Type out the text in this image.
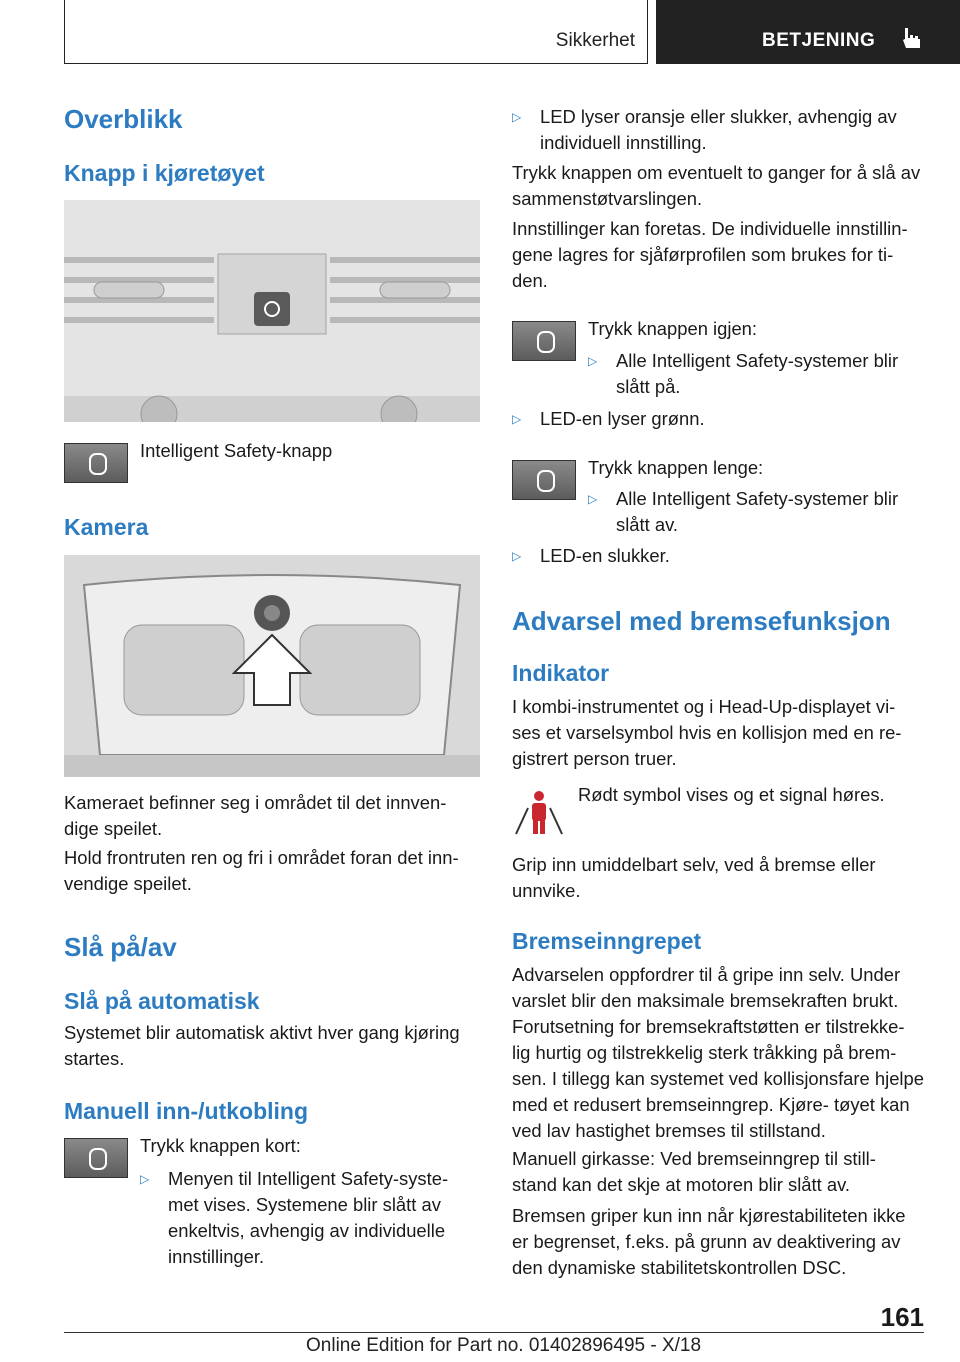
Sikkerhet	BETJENING
Overblikk
Knapp i kjøretøyet
Intelligent Safety-knapp
Kamera
Kameraet befinner seg i området til det innven- dige speilet.
Hold frontruten ren og fri i området foran det inn- vendige speilet.
Slå på/av
Slå på automatisk
Systemet blir automatisk aktivt hver gang kjøring startes.
Manuell inn-/utkobling
Trykk knappen kort:
▷ Menyen til Intelligent Safety-syste- met vises. Systemene blir slått av enkeltvis, avhengig av individuelle innstillinger.
▷ LED lyser oransje eller slukker, avhengig av individuell innstilling.
Trykk knappen om eventuelt to ganger for å slå av sammenstøtvarslingen.
Innstillinger kan foretas. De individuelle innstillin- gene lagres for sjåførprofilen som brukes for ti- den.
Trykk knappen igjen:
▷ Alle Intelligent Safety-systemer blir slått på.
▷ LED-en lyser grønn.
Trykk knappen lenge:
▷ Alle Intelligent Safety-systemer blir slått av.
▷ LED-en slukker.
Advarsel med bremsefunksjon
Indikator
I kombi-instrumentet og i Head-Up-displayet vi- ses et varselsymbol hvis en kollisjon med en re- gistrert person truer.
Rødt symbol vises og et signal høres.
Grip inn umiddelbart selv, ved å bremse eller unnvike.
Bremseinngrepet
Advarselen oppfordrer til å gripe inn selv. Under varslet blir den maksimale bremsekraften brukt. Forutsetning for bremsekraftstøtten er tilstrekke- lig hurtig og tilstrekkelig sterk tråkking på brem- sen. I tillegg kan systemet ved kollisjonsfare hjelpe med et redusert bremseinngrep. Kjøre- tøyet kan ved lav hastighet bremses til stillstand.
Manuell girkasse: Ved bremseinngrep til still- stand kan det skje at motoren blir slått av.
Bremsen griper kun inn når kjørestabiliteten ikke er begrenset, f.eks. på grunn av deaktivering av den dynamiske stabilitetskontrollen DSC.
161
Online Edition for Part no. 01402896495 - X/18
